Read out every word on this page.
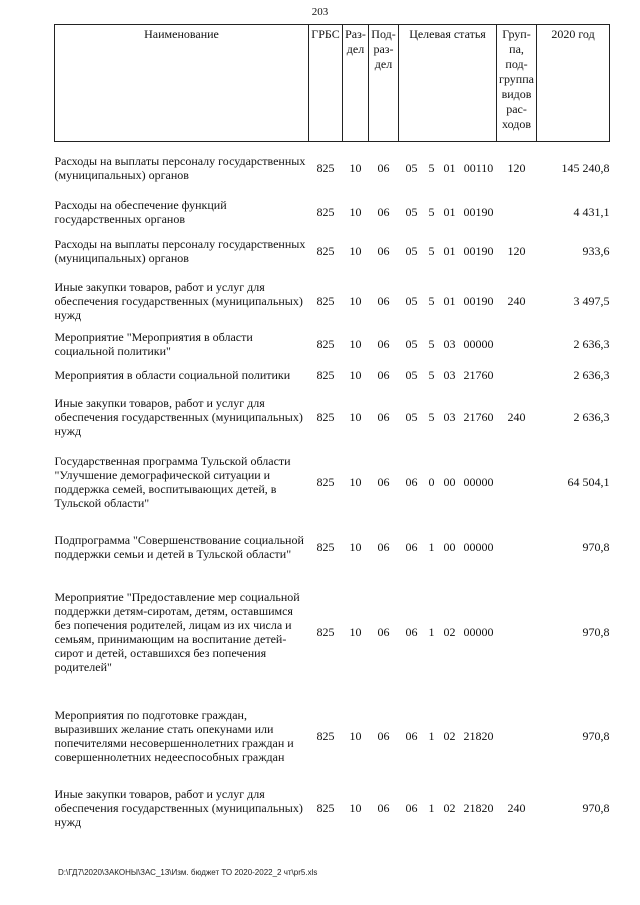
203
Наименование	ГРБС	Раз-дел	Под-раз-дел	Целевая статья				Груп-па, под-группа видов рас-ходов	2020 год
Расходы на выплаты персоналу государственных (муниципальных) органов	825	10	06	05	5	01	00110	120	145 240,8
Расходы на обеспечение функций государственных органов	825	10	06	05	5	01	00190		4 431,1
Расходы на выплаты персоналу государственных (муниципальных) органов	825	10	06	05	5	01	00190	120	933,6
Иные закупки товаров, работ и услуг для обеспечения государственных (муниципальных) нужд	825	10	06	05	5	01	00190	240	3 497,5
Мероприятие "Мероприятия в области социальной политики"	825	10	06	05	5	03	00000		2 636,3
Мероприятия в области социальной политики	825	10	06	05	5	03	21760		2 636,3
Иные закупки товаров, работ и услуг для обеспечения государственных (муниципальных) нужд	825	10	06	05	5	03	21760	240	2 636,3
Государственная программа Тульской области "Улучшение демографической ситуации и поддержка семей, воспитывающих детей, в Тульской области"	825	10	06	06	0	00	00000		64 504,1
Подпрограмма "Совершенствование социальной поддержки семьи и детей в Тульской области"	825	10	06	06	1	00	00000		970,8
Мероприятие "Предоставление мер социальной поддержки детям-сиротам, детям, оставшимся без попечения родителей, лицам из их числа и семьям, принимающим на воспитание детей-сирот и детей, оставшихся без попечения родителей"	825	10	06	06	1	02	00000		970,8
Мероприятия по подготовке граждан, выразивших желание стать опекунами или попечителями несовершеннолетних граждан и совершеннолетних недееспособных граждан	825	10	06	06	1	02	21820		970,8
Иные закупки товаров, работ и услуг для обеспечения государственных (муниципальных) нужд	825	10	06	06	1	02	21820	240	970,8
D:\ГД7\2020\ЗАКОНЫ\ЗАС_13\Изм. бюджет ТО 2020-2022_2 чт\pr5.xls
